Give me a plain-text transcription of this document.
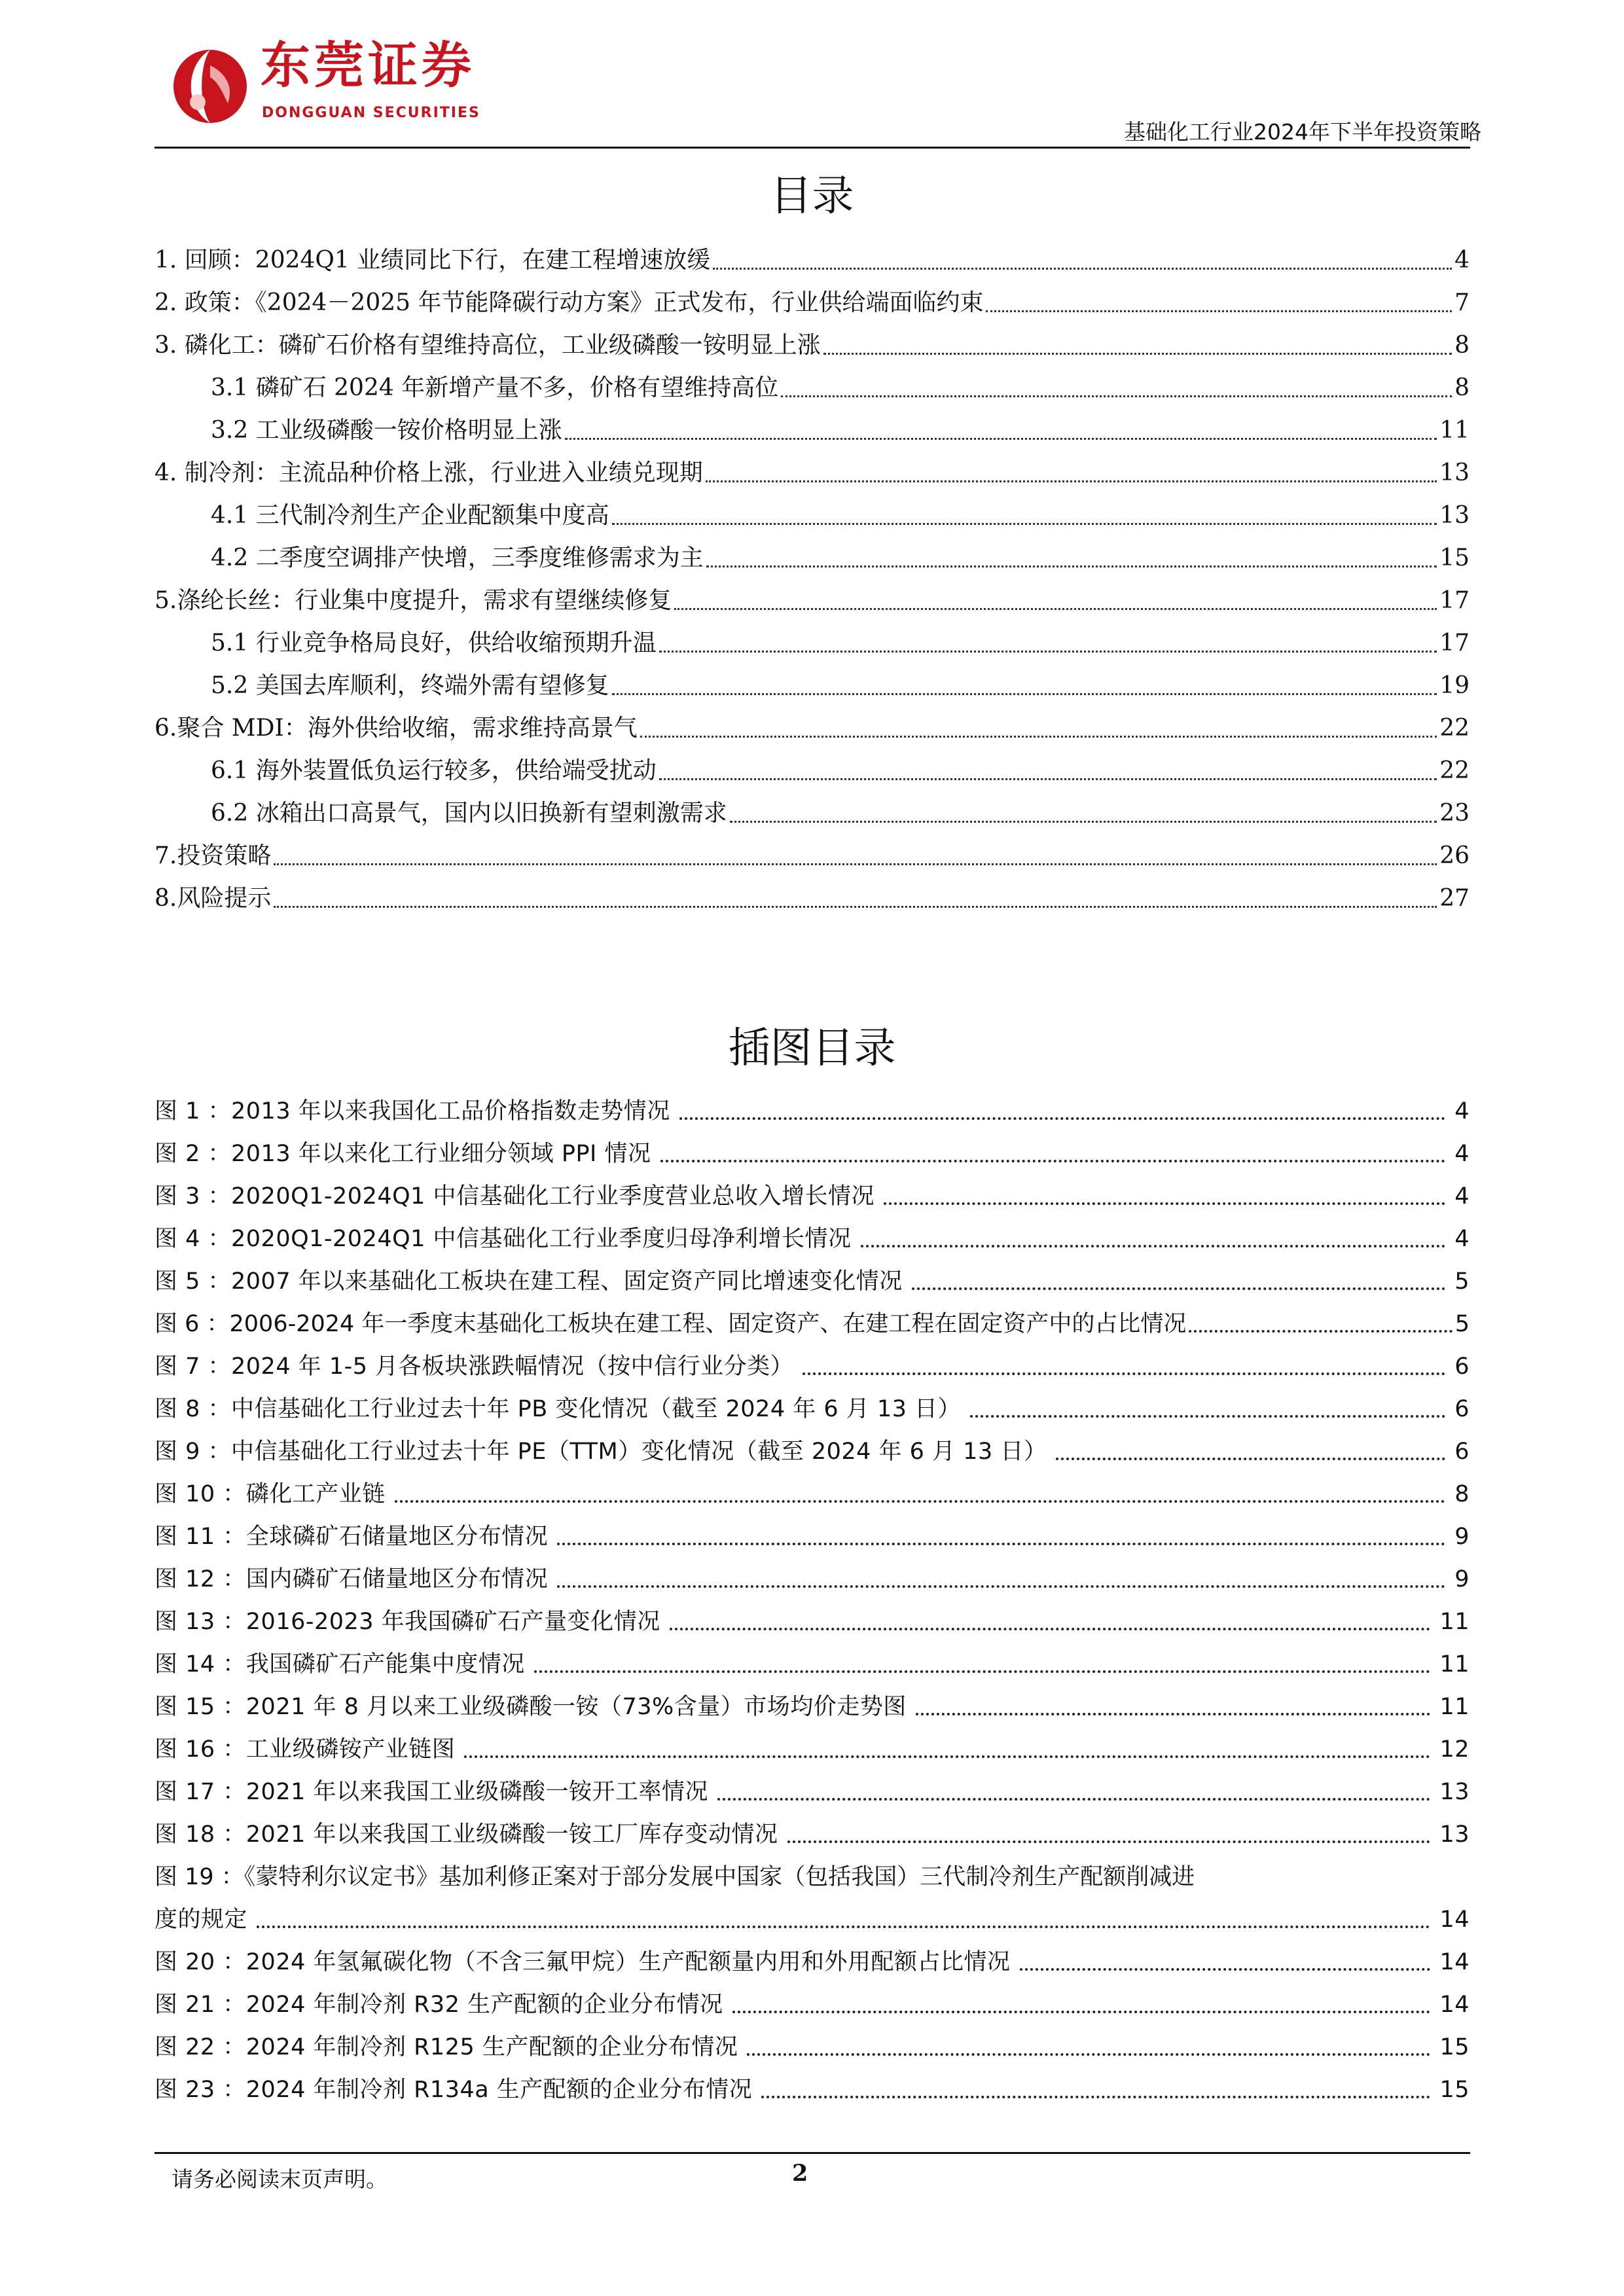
东莞证券
DONGGUAN SECURITIES
基础化工行业2024年下半年投资策略
目录
1. 回顾：2024Q1 业绩同比下行，在建工程增速放缓	4
2. 政策：《2024－2025 年节能降碳行动方案》正式发布，行业供给端面临约束	7
3. 磷化工：磷矿石价格有望维持高位，工业级磷酸一铵明显上涨	8
3.1 磷矿石 2024 年新增产量不多，价格有望维持高位	8
3.2 工业级磷酸一铵价格明显上涨	11
4. 制冷剂：主流品种价格上涨，行业进入业绩兑现期	13
4.1 三代制冷剂生产企业配额集中度高	13
4.2 二季度空调排产快增，三季度维修需求为主	15
5.涤纶长丝：行业集中度提升，需求有望继续修复	17
5.1 行业竞争格局良好，供给收缩预期升温	17
5.2 美国去库顺利，终端外需有望修复	19
6.聚合 MDI：海外供给收缩，需求维持高景气	22
6.1 海外装置低负运行较多，供给端受扰动	22
6.2 冰箱出口高景气，国内以旧换新有望刺激需求	23
7.投资策略	26
8.风险提示	27
插图目录
图 1 ：2013 年以来我国化工品价格指数走势情况	4
图 2 ：2013 年以来化工行业细分领域 PPI 情况	4
图 3 ：2020Q1-2024Q1 中信基础化工行业季度营业总收入增长情况	4
图 4 ：2020Q1-2024Q1 中信基础化工行业季度归母净利增长情况	4
图 5 ：2007 年以来基础化工板块在建工程、固定资产同比增速变化情况	5
图 6 ：2006-2024 年一季度末基础化工板块在建工程、固定资产、在建工程在固定资产中的占比情况	5
图 7 ：2024 年 1-5 月各板块涨跌幅情况（按中信行业分类）	6
图 8 ：中信基础化工行业过去十年 PB 变化情况（截至 2024 年 6 月 13 日）	6
图 9 ：中信基础化工行业过去十年 PE（TTM）变化情况（截至 2024 年 6 月 13 日）	6
图 10 ：磷化工产业链	8
图 11 ：全球磷矿石储量地区分布情况	9
图 12 ：国内磷矿石储量地区分布情况	9
图 13 ：2016-2023 年我国磷矿石产量变化情况	11
图 14 ：我国磷矿石产能集中度情况	11
图 15 ：2021 年 8 月以来工业级磷酸一铵（73%含量）市场均价走势图	11
图 16 ：工业级磷铵产业链图	12
图 17 ：2021 年以来我国工业级磷酸一铵开工率情况	13
图 18 ：2021 年以来我国工业级磷酸一铵工厂库存变动情况	13
图 19 ：《蒙特利尔议定书》基加利修正案对于部分发展中国家（包括我国）三代制冷剂生产配额削减进
度的规定	14
图 20 ：2024 年氢氟碳化物（不含三氟甲烷）生产配额量内用和外用配额占比情况	14
图 21 ：2024 年制冷剂 R32 生产配额的企业分布情况	14
图 22 ：2024 年制冷剂 R125 生产配额的企业分布情况	15
图 23 ：2024 年制冷剂 R134a 生产配额的企业分布情况	15
请务必阅读末页声明。	2
